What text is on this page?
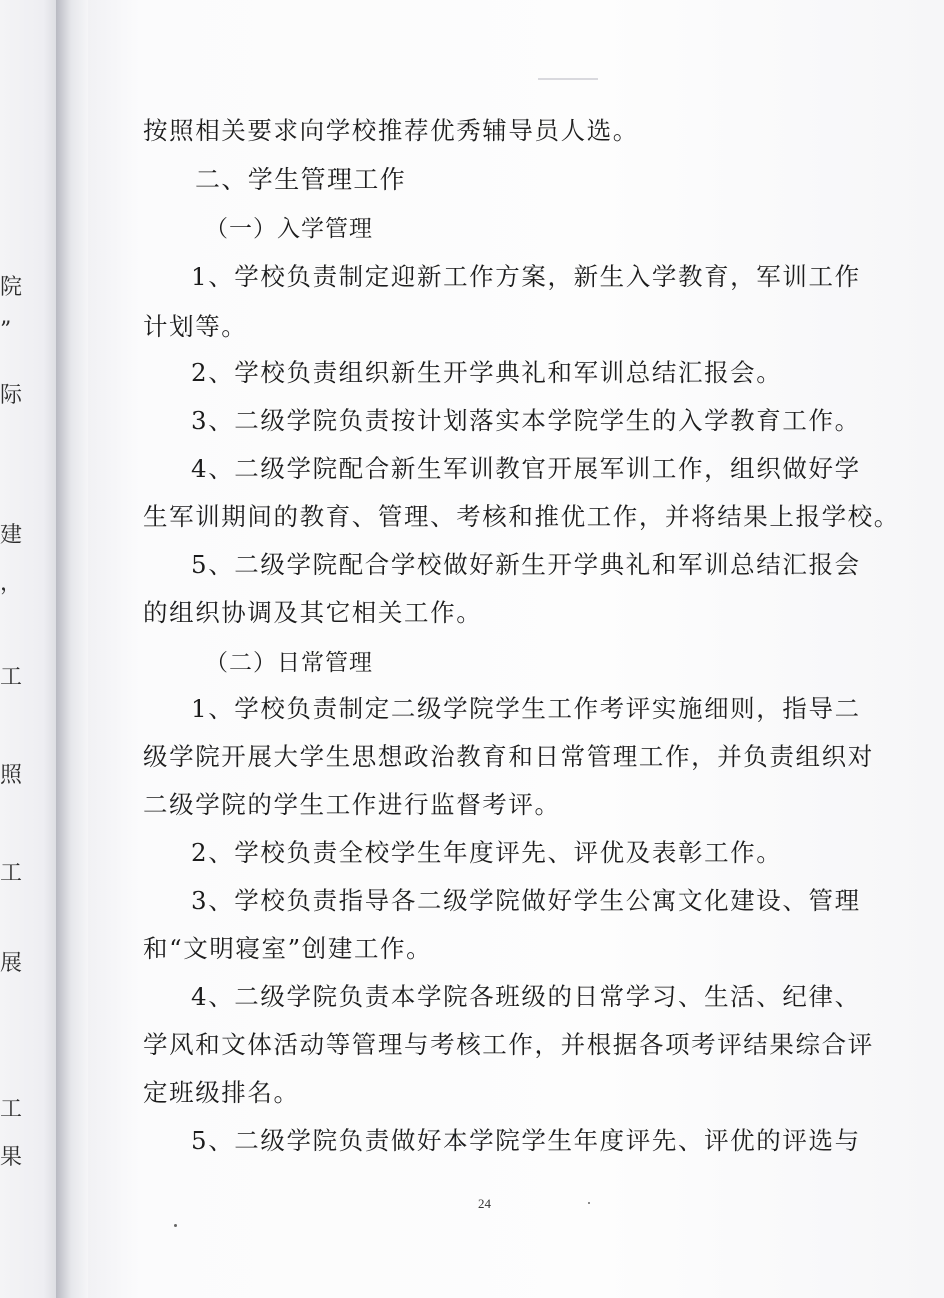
院
”
际
建
，
工
照
工
展
工
果
按照相关要求向学校推荐优秀辅导员人选。
二、学生管理工作
（一）入学管理
1、学校负责制定迎新工作方案，新生入学教育，军训工作
计划等。
2、学校负责组织新生开学典礼和军训总结汇报会。
3、二级学院负责按计划落实本学院学生的入学教育工作。
4、二级学院配合新生军训教官开展军训工作，组织做好学
生军训期间的教育、管理、考核和推优工作，并将结果上报学校。
5、二级学院配合学校做好新生开学典礼和军训总结汇报会
的组织协调及其它相关工作。
（二）日常管理
1、学校负责制定二级学院学生工作考评实施细则，指导二
级学院开展大学生思想政治教育和日常管理工作，并负责组织对
二级学院的学生工作进行监督考评。
2、学校负责全校学生年度评先、评优及表彰工作。
3、学校负责指导各二级学院做好学生公寓文化建设、管理
和“文明寝室”创建工作。
4、二级学院负责本学院各班级的日常学习、生活、纪律、
学风和文体活动等管理与考核工作，并根据各项考评结果综合评
定班级排名。
5、二级学院负责做好本学院学生年度评先、评优的评选与
24
